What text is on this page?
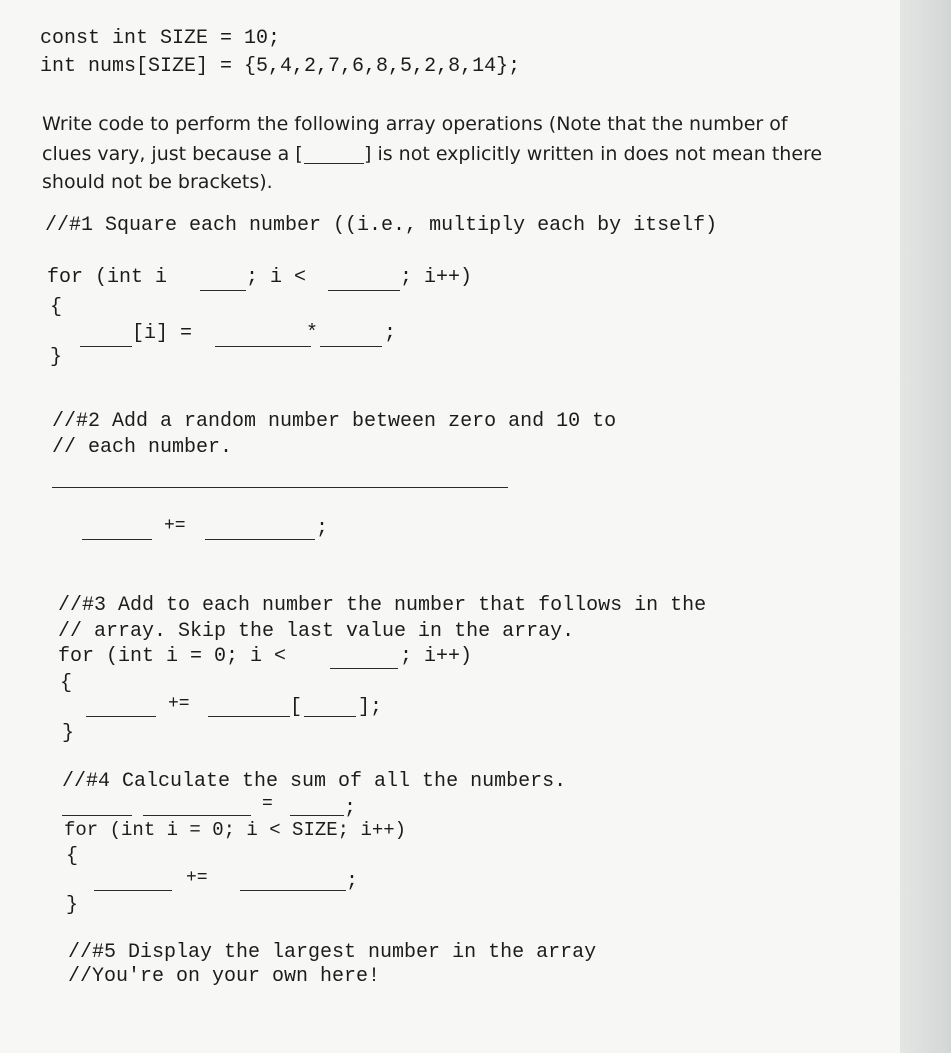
const int SIZE = 10;
int nums[SIZE] = {5,4,2,7,6,8,5,2,8,14};
Write code to perform the following array operations (Note that the number of
clues vary, just because a [	] is not explicitly written in does not mean there
should not be brackets).
//#1 Square each number ((i.e., multiply each by itself)
for (int i	; i <	; i++)
{
[i] =	*	;
}
//#2 Add a random number between zero and 10 to
// each number.
+=	;
//#3 Add to each number the number that follows in the
// array. Skip the last value in the array.
for (int i = 0; i <	; i++)
{
+=	[	];
}
//#4 Calculate the sum of all the numbers.
=	;
for (int i = 0; i < SIZE; i++)
{
+=	;
}
//#5 Display the largest number in the array
//You're on your own here!
